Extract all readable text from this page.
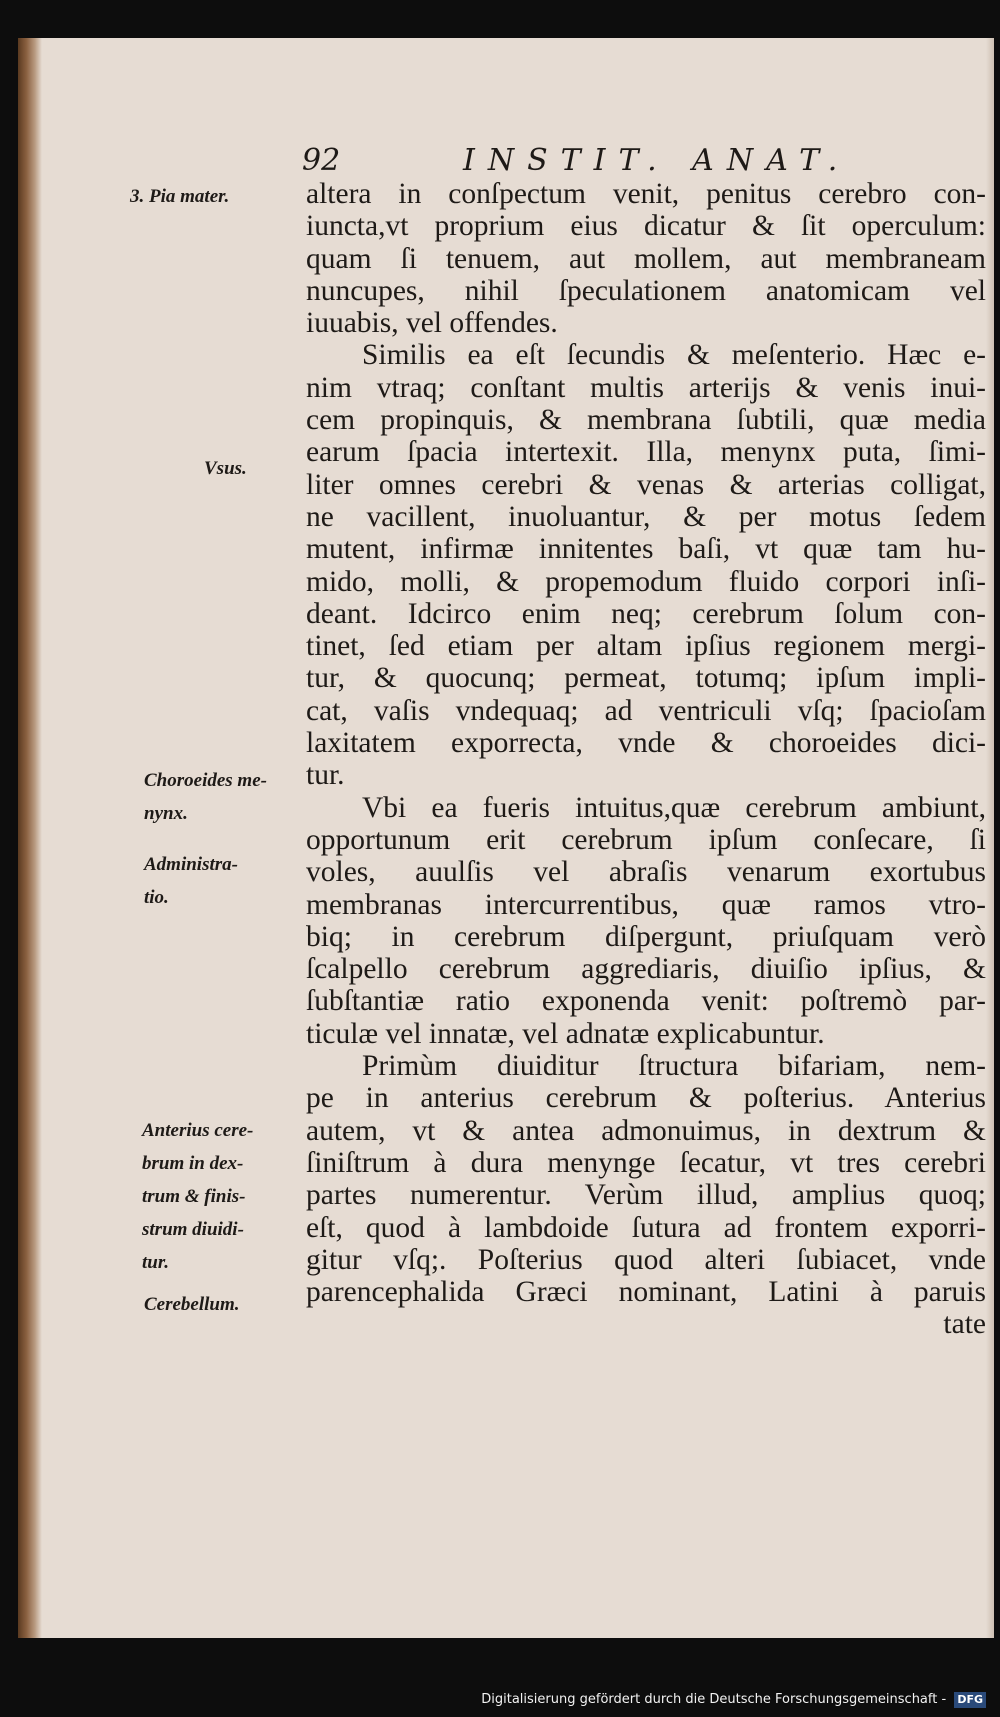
92	INSTIT. ANAT.
3. Pia mater.
Vsus.
Choroeides me-
nynx.
Administra-
tio.
Anterius cere-
brum in dex-
trum & finis-
strum diuidi-
tur.
Cerebellum.
altera in conſpectum venit, penitus cerebro con-
iuncta,vt proprium eius dicatur & ſit operculum:
quam ſi tenuem, aut mollem, aut membraneam
nuncupes, nihil ſpeculationem anatomicam vel
iuuabis, vel offendes.
Similis ea eſt ſecundis & meſenterio. Hæc e-
nim vtraq; conſtant multis arterijs & venis inui-
cem propinquis, & membrana ſubtili, quæ media
earum ſpacia intertexit. Illa, menynx puta, ſimi-
liter omnes cerebri & venas & arterias colligat,
ne vacillent, inuoluantur, & per motus ſedem
mutent, infirmæ innitentes baſi, vt quæ tam hu-
mido, molli, & propemodum fluido corpori inſi-
deant. Idcirco enim neq; cerebrum ſolum con-
tinet, ſed etiam per altam ipſius regionem mergi-
tur, & quocunq; permeat, totumq; ipſum impli-
cat, vaſis vndequaq; ad ventriculi vſq; ſpacioſam
laxitatem exporrecta, vnde & choroeides dici-
tur.
Vbi ea fueris intuitus,quæ cerebrum ambiunt,
opportunum erit cerebrum ipſum conſecare, ſi
voles, auulſis vel abraſis venarum exortubus
membranas intercurrentibus, quæ ramos vtro-
biq; in cerebrum diſpergunt, priuſquam verò
ſcalpello cerebrum aggrediaris, diuiſio ipſius, &
ſubſtantiæ ratio exponenda venit: poſtremò par-
ticulæ vel innatæ, vel adnatæ explicabuntur.
Primùm diuiditur ſtructura bifariam, nem-
pe in anterius cerebrum & poſterius. Anterius
autem, vt & antea admonuimus, in dextrum &
ſiniſtrum à dura menynge ſecatur, vt tres cerebri
partes numerentur. Verùm illud, amplius quoq;
eſt, quod à lambdoide ſutura ad frontem exporri-
gitur vſq;. Poſterius quod alteri ſubiacet, vnde
parencephalida Græci nominant, Latini à paruis
tate
Digitalisierung gefördert durch die Deutsche Forschungsgemeinschaft - DFG
